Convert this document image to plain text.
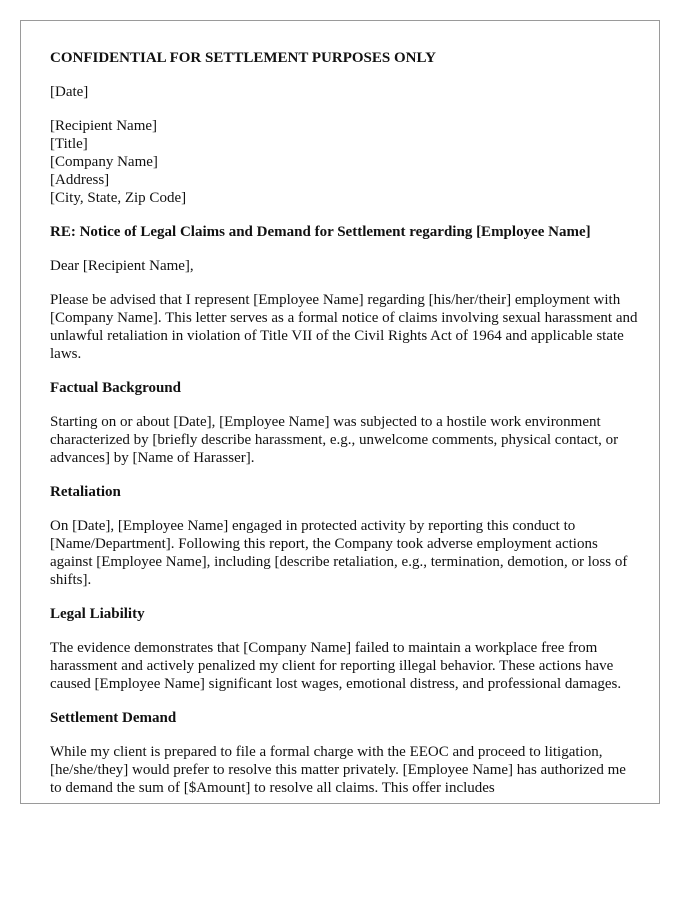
CONFIDENTIAL FOR SETTLEMENT PURPOSES ONLY

[Date]

[Recipient Name]
[Title]
[Company Name]
[Address]
[City, State, Zip Code]

RE: Notice of Legal Claims and Demand for Settlement regarding [Employee Name]

Dear [Recipient Name],

Please be advised that I represent [Employee Name] regarding [his/her/their] employment with [Company Name]. This letter serves as a formal notice of claims involving sexual harassment and unlawful retaliation in violation of Title VII of the Civil Rights Act of 1964 and applicable state laws.

Factual Background

Starting on or about [Date], [Employee Name] was subjected to a hostile work environment characterized by [briefly describe harassment, e.g., unwelcome comments, physical contact, or advances] by [Name of Harasser].

Retaliation

On [Date], [Employee Name] engaged in protected activity by reporting this conduct to [Name/Department]. Following this report, the Company took adverse employment actions against [Employee Name], including [describe retaliation, e.g., termination, demotion, or loss of shifts].

Legal Liability

The evidence demonstrates that [Company Name] failed to maintain a workplace free from harassment and actively penalized my client for reporting illegal behavior. These actions have caused [Employee Name] significant lost wages, emotional distress, and professional damages.

Settlement Demand

While my client is prepared to file a formal charge with the EEOC and proceed to litigation, [he/she/they] would prefer to resolve this matter privately. [Employee Name] has authorized me to demand the sum of [$Amount] to resolve all claims. This offer includes
